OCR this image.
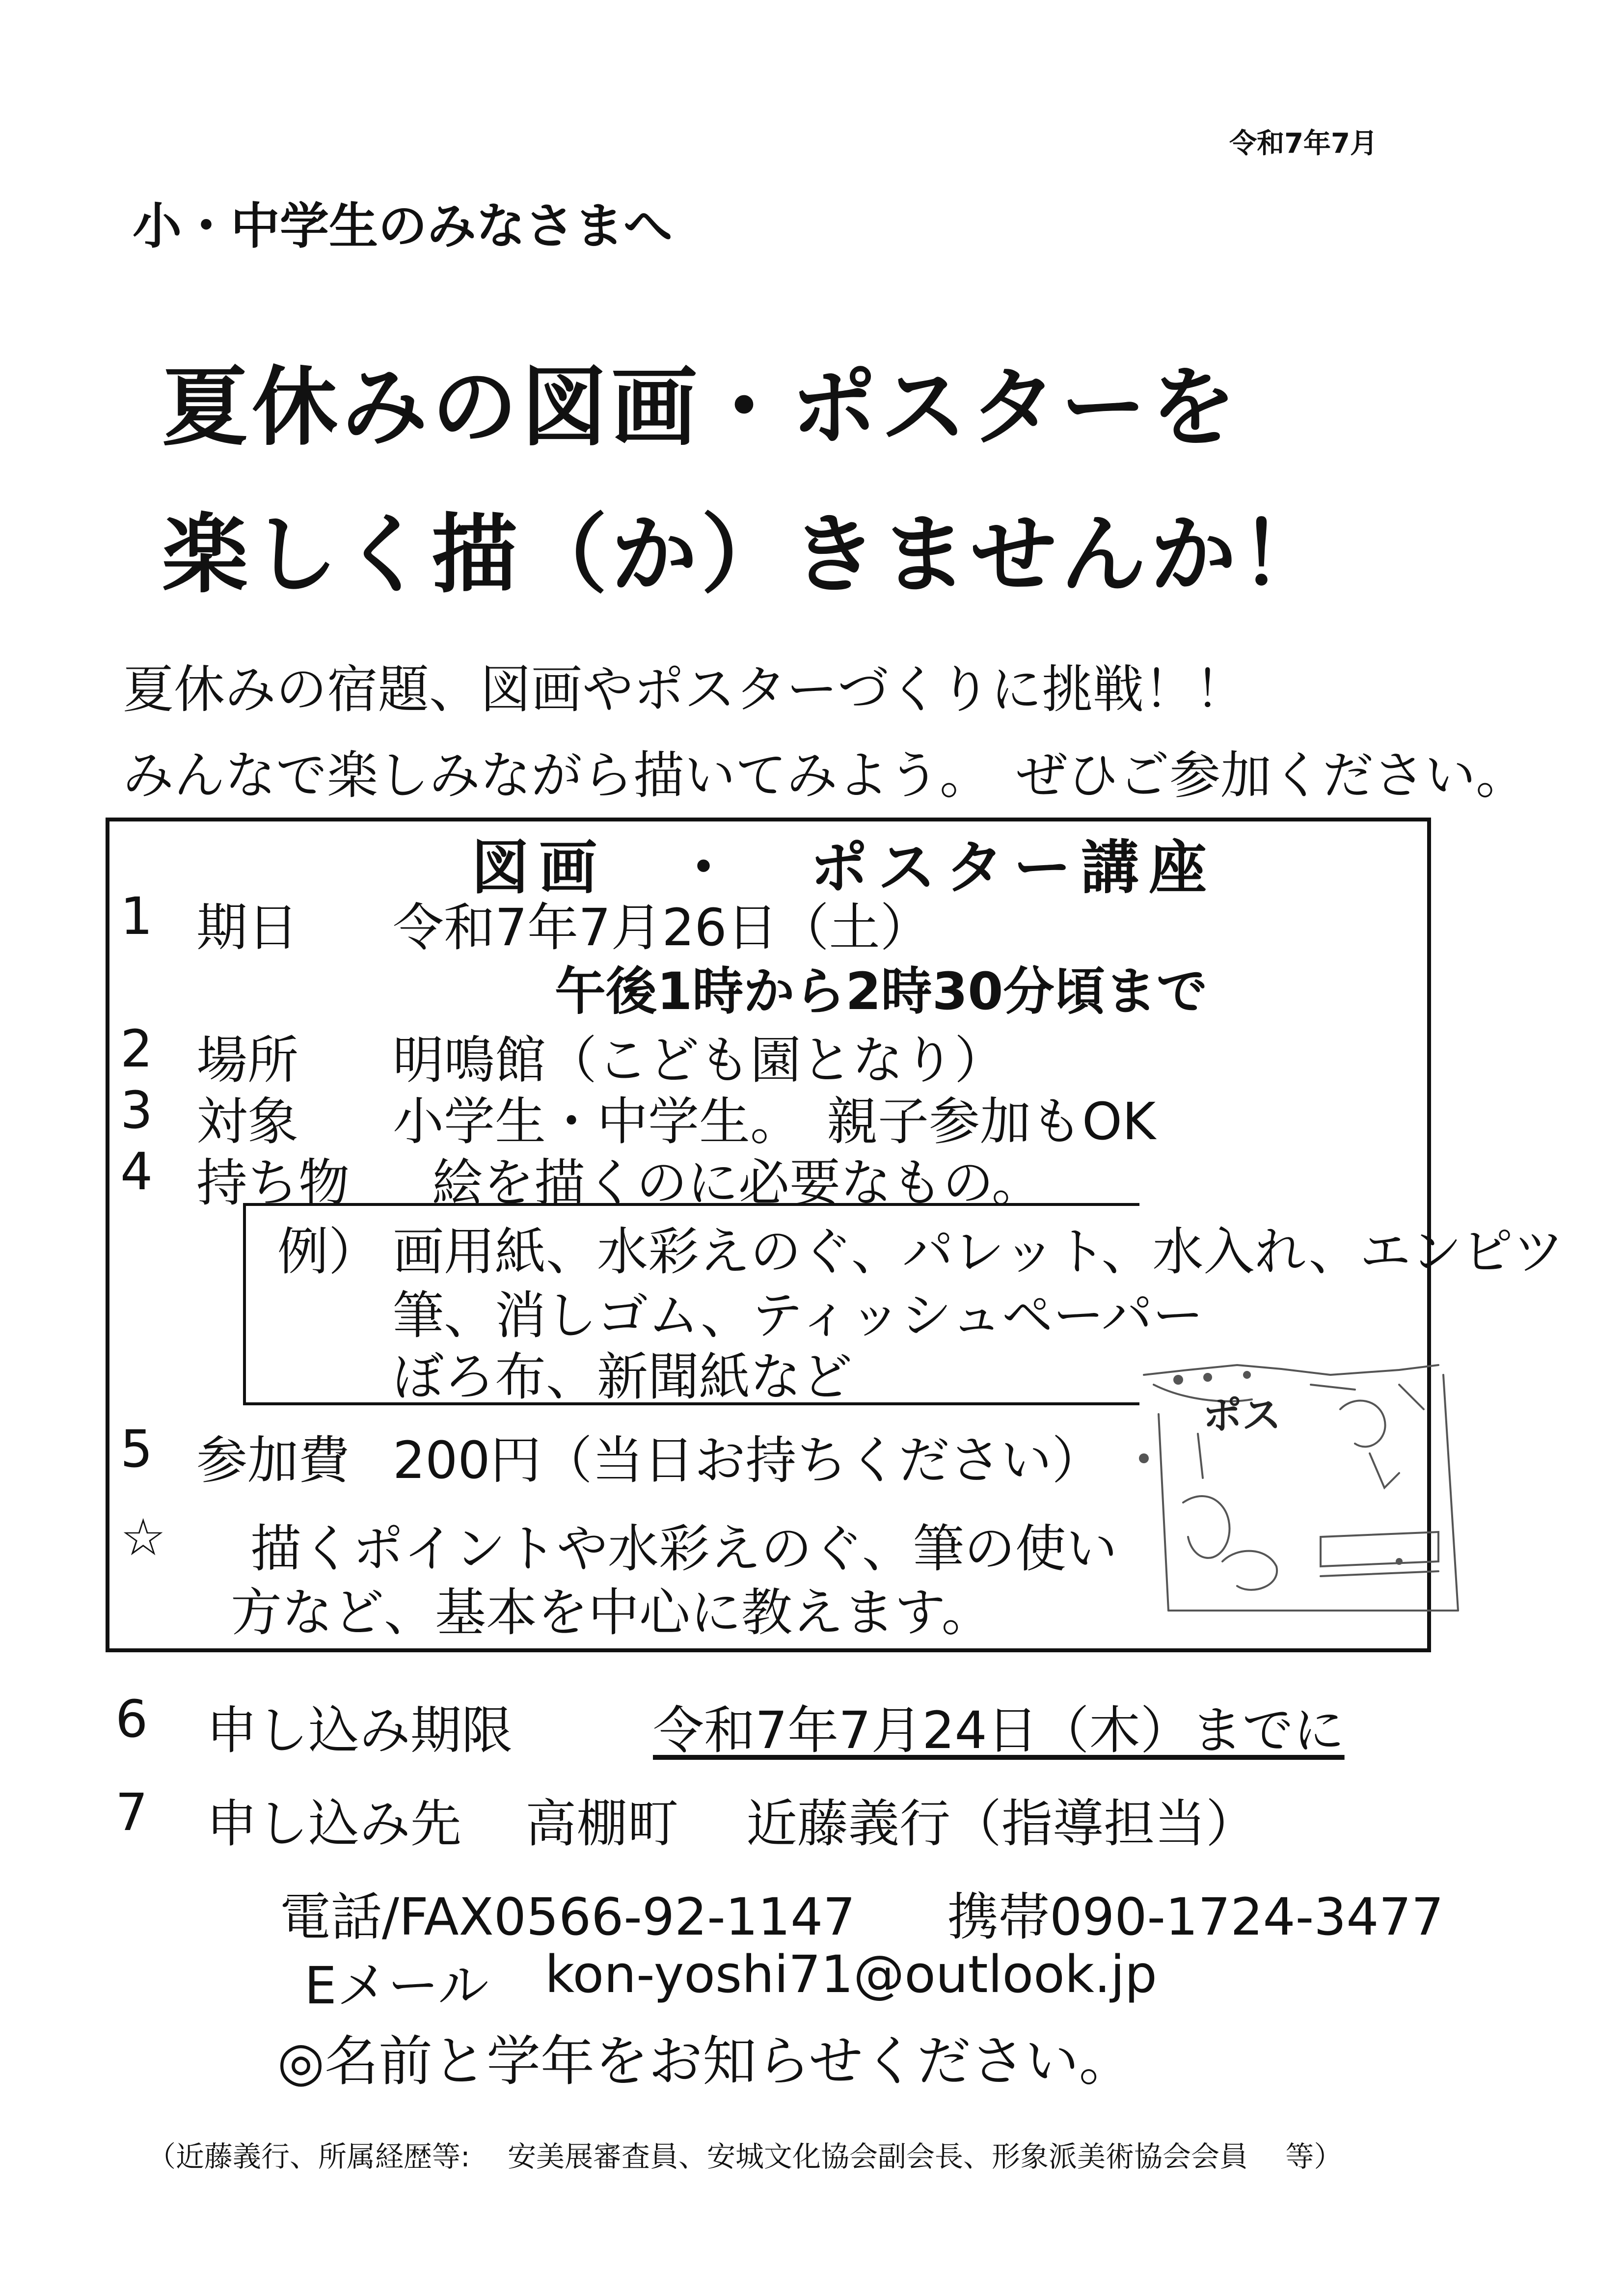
令和7年7月
小・中学生のみなさまへ
夏休みの図画・ポスターを
楽しく描（か）きませんか！
夏休みの宿題、図画やポスターづくりに挑戦！！
みんなで楽しみながら描いてみよう。　ぜひご参加ください。
図画　・　ポスター講座
1 期日 令和7年7月26日（土）
午後1時から2時30分頃まで
2 場所 明鳴館（こども園となり）
3 対象 小学生・中学生。　親子参加もOK
4 持ち物 絵を描くのに必要なもの。
例） 画用紙、水彩えのぐ、パレット、水入れ、エンピツ
筆、消しゴム、ティッシュペーパー
ぼろ布、新聞紙など
5 参加費 200円（当日お持ちください）
☆ 描くポイントや水彩えのぐ、筆の使い
方など、基本を中心に教えます。
ポス
6 申し込み期限	令和7年7月24日（木）までに
7 申し込み先 高棚町 近藤義行（指導担当）
電話/FAX0566-92-1147 携帯090-1724-3477
Eメール kon-yoshi71@outlook.jp
◎名前と学年をお知らせください。
（近藤義行、所属経歴等:　 安美展審査員、安城文化協会副会長、形象派美術協会会員　 等）
